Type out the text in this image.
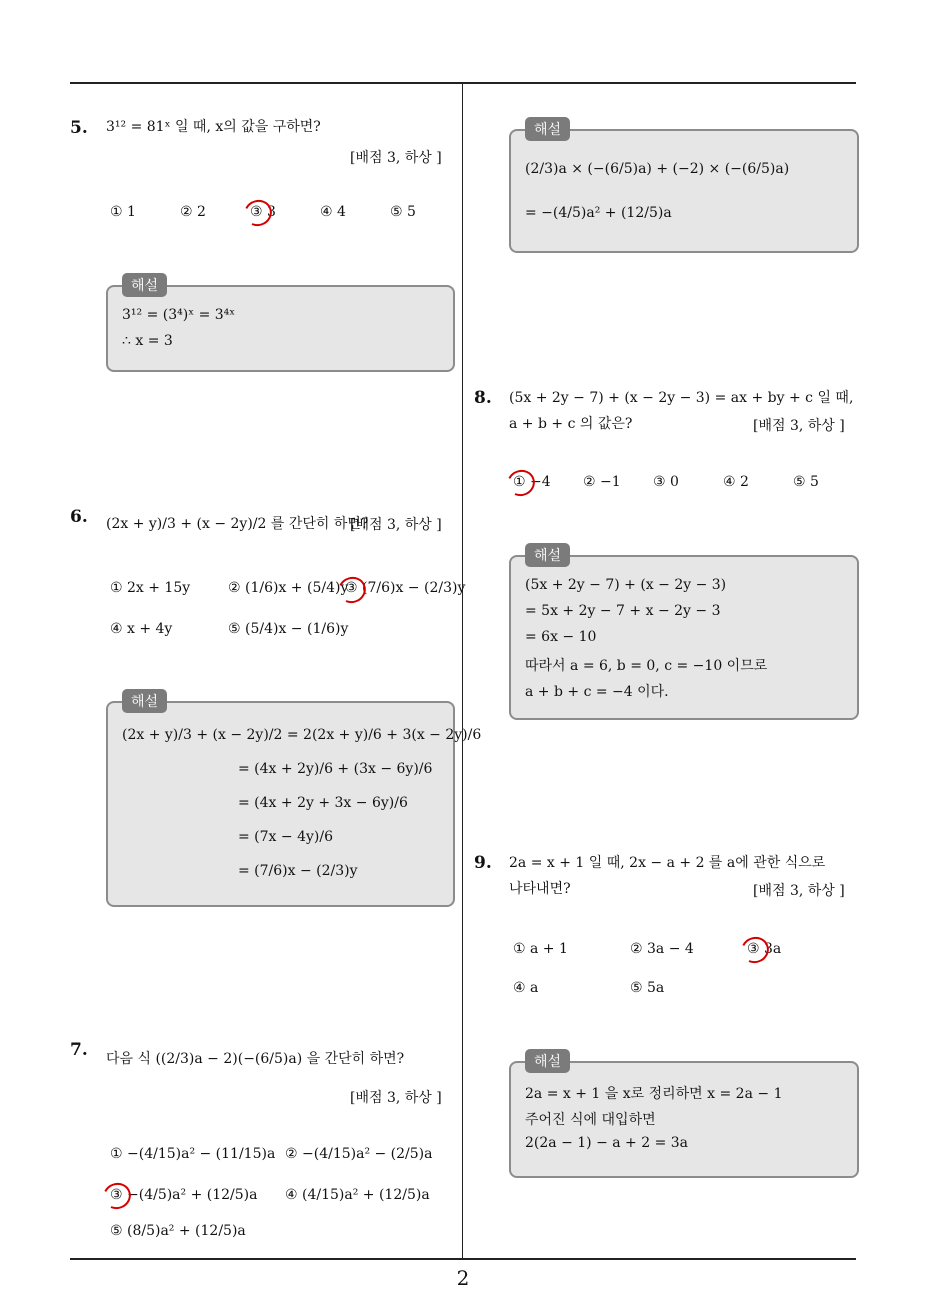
5. 3¹² = 81ˣ 일 때, x의 값을 구하면?
[배점 3, 하상 ]
① 1	② 2	③ 3	④ 4	⑤ 5
해설
3¹² = (3⁴)ˣ = 3⁴ˣ
∴ x = 3
6. (2x + y)/3 + (x − 2y)/2 를 간단히 하면?
[배점 3, 하상 ]
① 2x + 15y	② (1/6)x + (5/4)y
③ (7/6)x − (2/3)y
④ x + 4y	⑤ (5/4)x − (1/6)y
해설
(2x + y)/3 + (x − 2y)/2 = 2(2x + y)/6 + 3(x − 2y)/6
= (4x + 2y)/6 + (3x − 6y)/6
= (4x + 2y + 3x − 6y)/6
= (7x − 4y)/6
= (7/6)x − (2/3)y
7. 다음 식 ((2/3)a − 2)(−(6/5)a) 을 간단히 하면?
[배점 3, 하상 ]
① −(4/15)a² − (11/15)a ② −(4/15)a² − (2/5)a
③ −(4/5)a² + (12/5)a ④ (4/15)a² + (12/5)a
⑤ (8/5)a² + (12/5)a
해설
(2/3)a × (−(6/5)a) + (−2) × (−(6/5)a)
= −(4/5)a² + (12/5)a
8. (5x + 2y − 7) + (x − 2y − 3) = ax + by + c 일 때,
a + b + c 의 값은?	[배점 3, 하상 ]
① −4 ② −1 ③ 0	④ 2	⑤ 5
해설
(5x + 2y − 7) + (x − 2y − 3)
= 5x + 2y − 7 + x − 2y − 3
= 6x − 10
따라서 a = 6, b = 0, c = −10 이므로
a + b + c = −4 이다.
9. 2a = x + 1 일 때, 2x − a + 2 를 a에 관한 식으로
나타내면?	[배점 3, 하상 ]
① a + 1	② 3a − 4	③ 3a
④ a	⑤ 5a
해설
2a = x + 1 을 x로 정리하면 x = 2a − 1
주어진 식에 대입하면
2(2a − 1) − a + 2 = 3a
2
